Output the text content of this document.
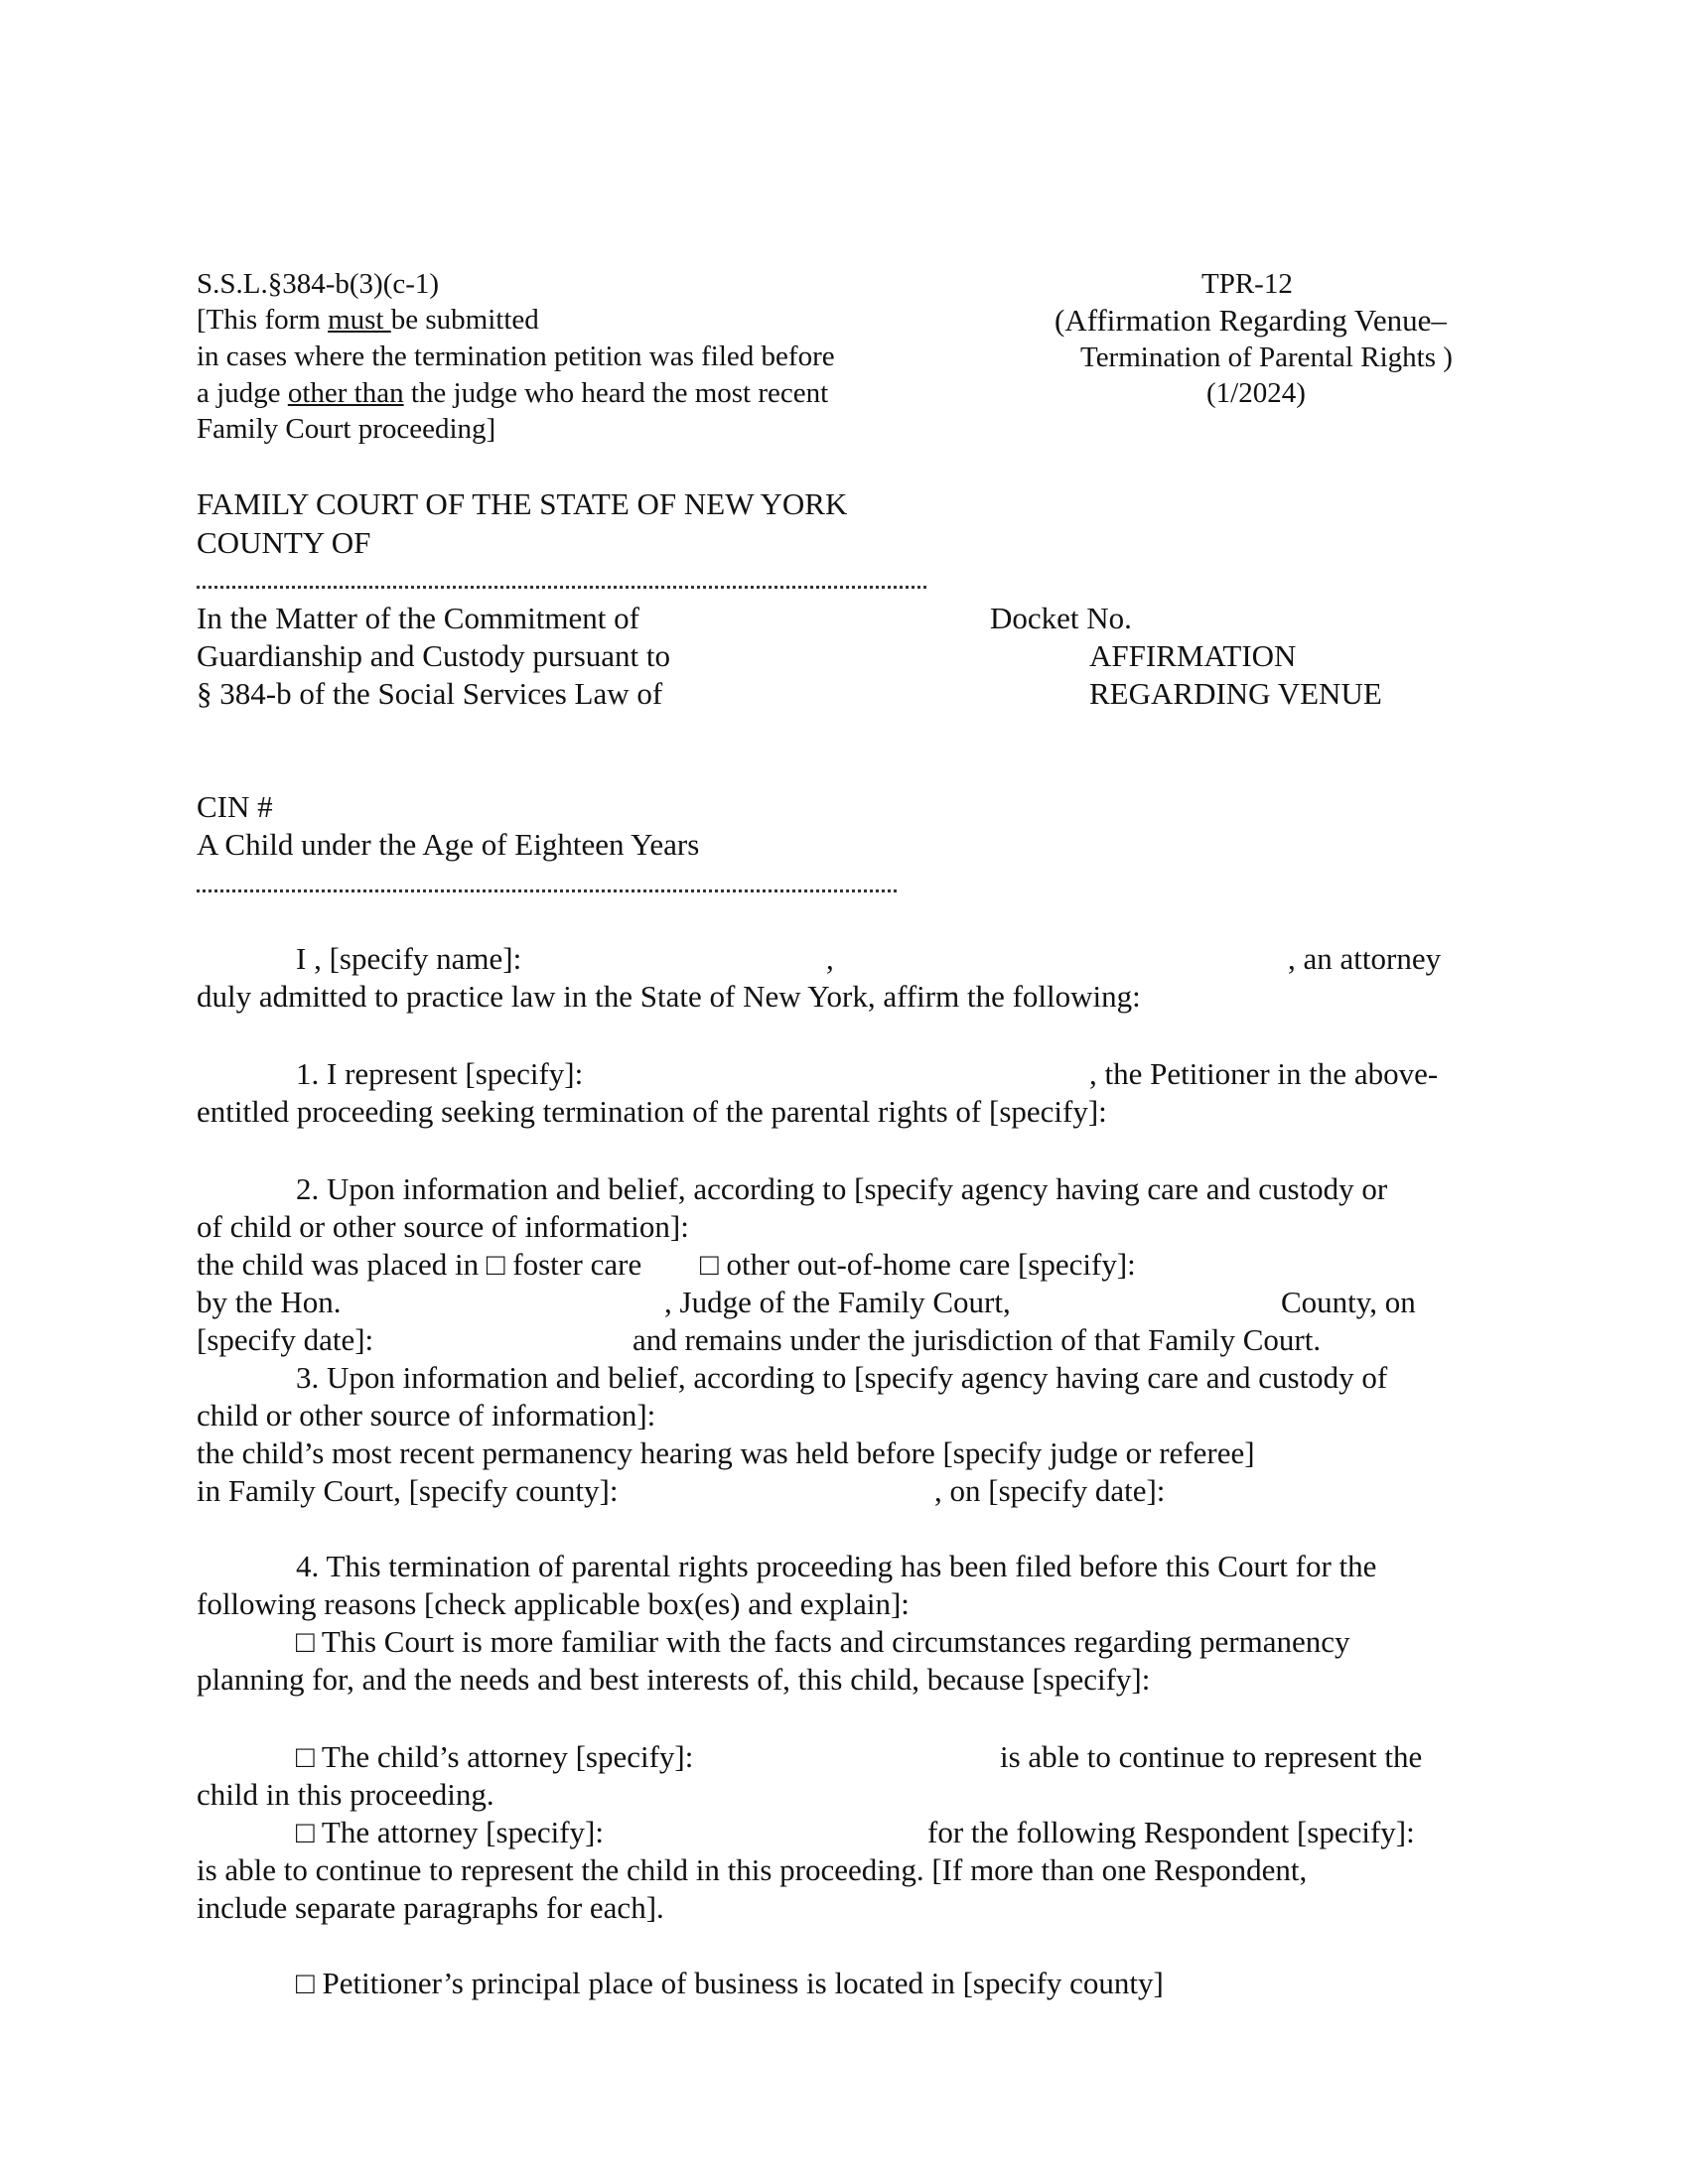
S.S.L.§384-b(3)(c-1)
[This form must be submitted
in cases where the termination petition was filed before
a judge other than the judge who heard the most recent
Family Court proceeding]
TPR-12
(Affirmation Regarding Venue–
Termination of Parental Rights )
(1/2024)
FAMILY COURT OF THE STATE OF NEW YORK
COUNTY OF
In the Matter of the Commitment of
Guardianship and Custody pursuant to
§ 384-b of the Social Services Law of
Docket No.
AFFIRMATION
REGARDING VENUE
CIN #
A Child under the Age of Eighteen Years
I , [specify name]:	,	, an attorney
duly admitted to practice law in the State of New York, affirm the following:
1. I represent [specify]:	, the Petitioner in the above-
entitled proceeding seeking termination of the parental rights of [specify]:
2. Upon information and belief, according to [specify agency having care and custody or
of child or other source of information]:
the child was placed in □ foster care □ other out-of-home care [specify]:
by the Hon.	, Judge of the Family Court,	County, on
[specify date]:	and remains under the jurisdiction of that Family Court.
3. Upon information and belief, according to [specify agency having care and custody of
child or other source of information]:
the child’s most recent permanency hearing was held before [specify judge or referee]
in Family Court, [specify county]:	, on [specify date]:
4. This termination of parental rights proceeding has been filed before this Court for the
following reasons [check applicable box(es) and explain]:
□ This Court is more familiar with the facts and circumstances regarding permanency
planning for, and the needs and best interests of, this child, because [specify]:
□ The child’s attorney [specify]:	is able to continue to represent the
child in this proceeding.
□ The attorney [specify]:	for the following Respondent [specify]:
is able to continue to represent the child in this proceeding. [If more than one Respondent,
include separate paragraphs for each].
□ Petitioner’s principal place of business is located in [specify county]
